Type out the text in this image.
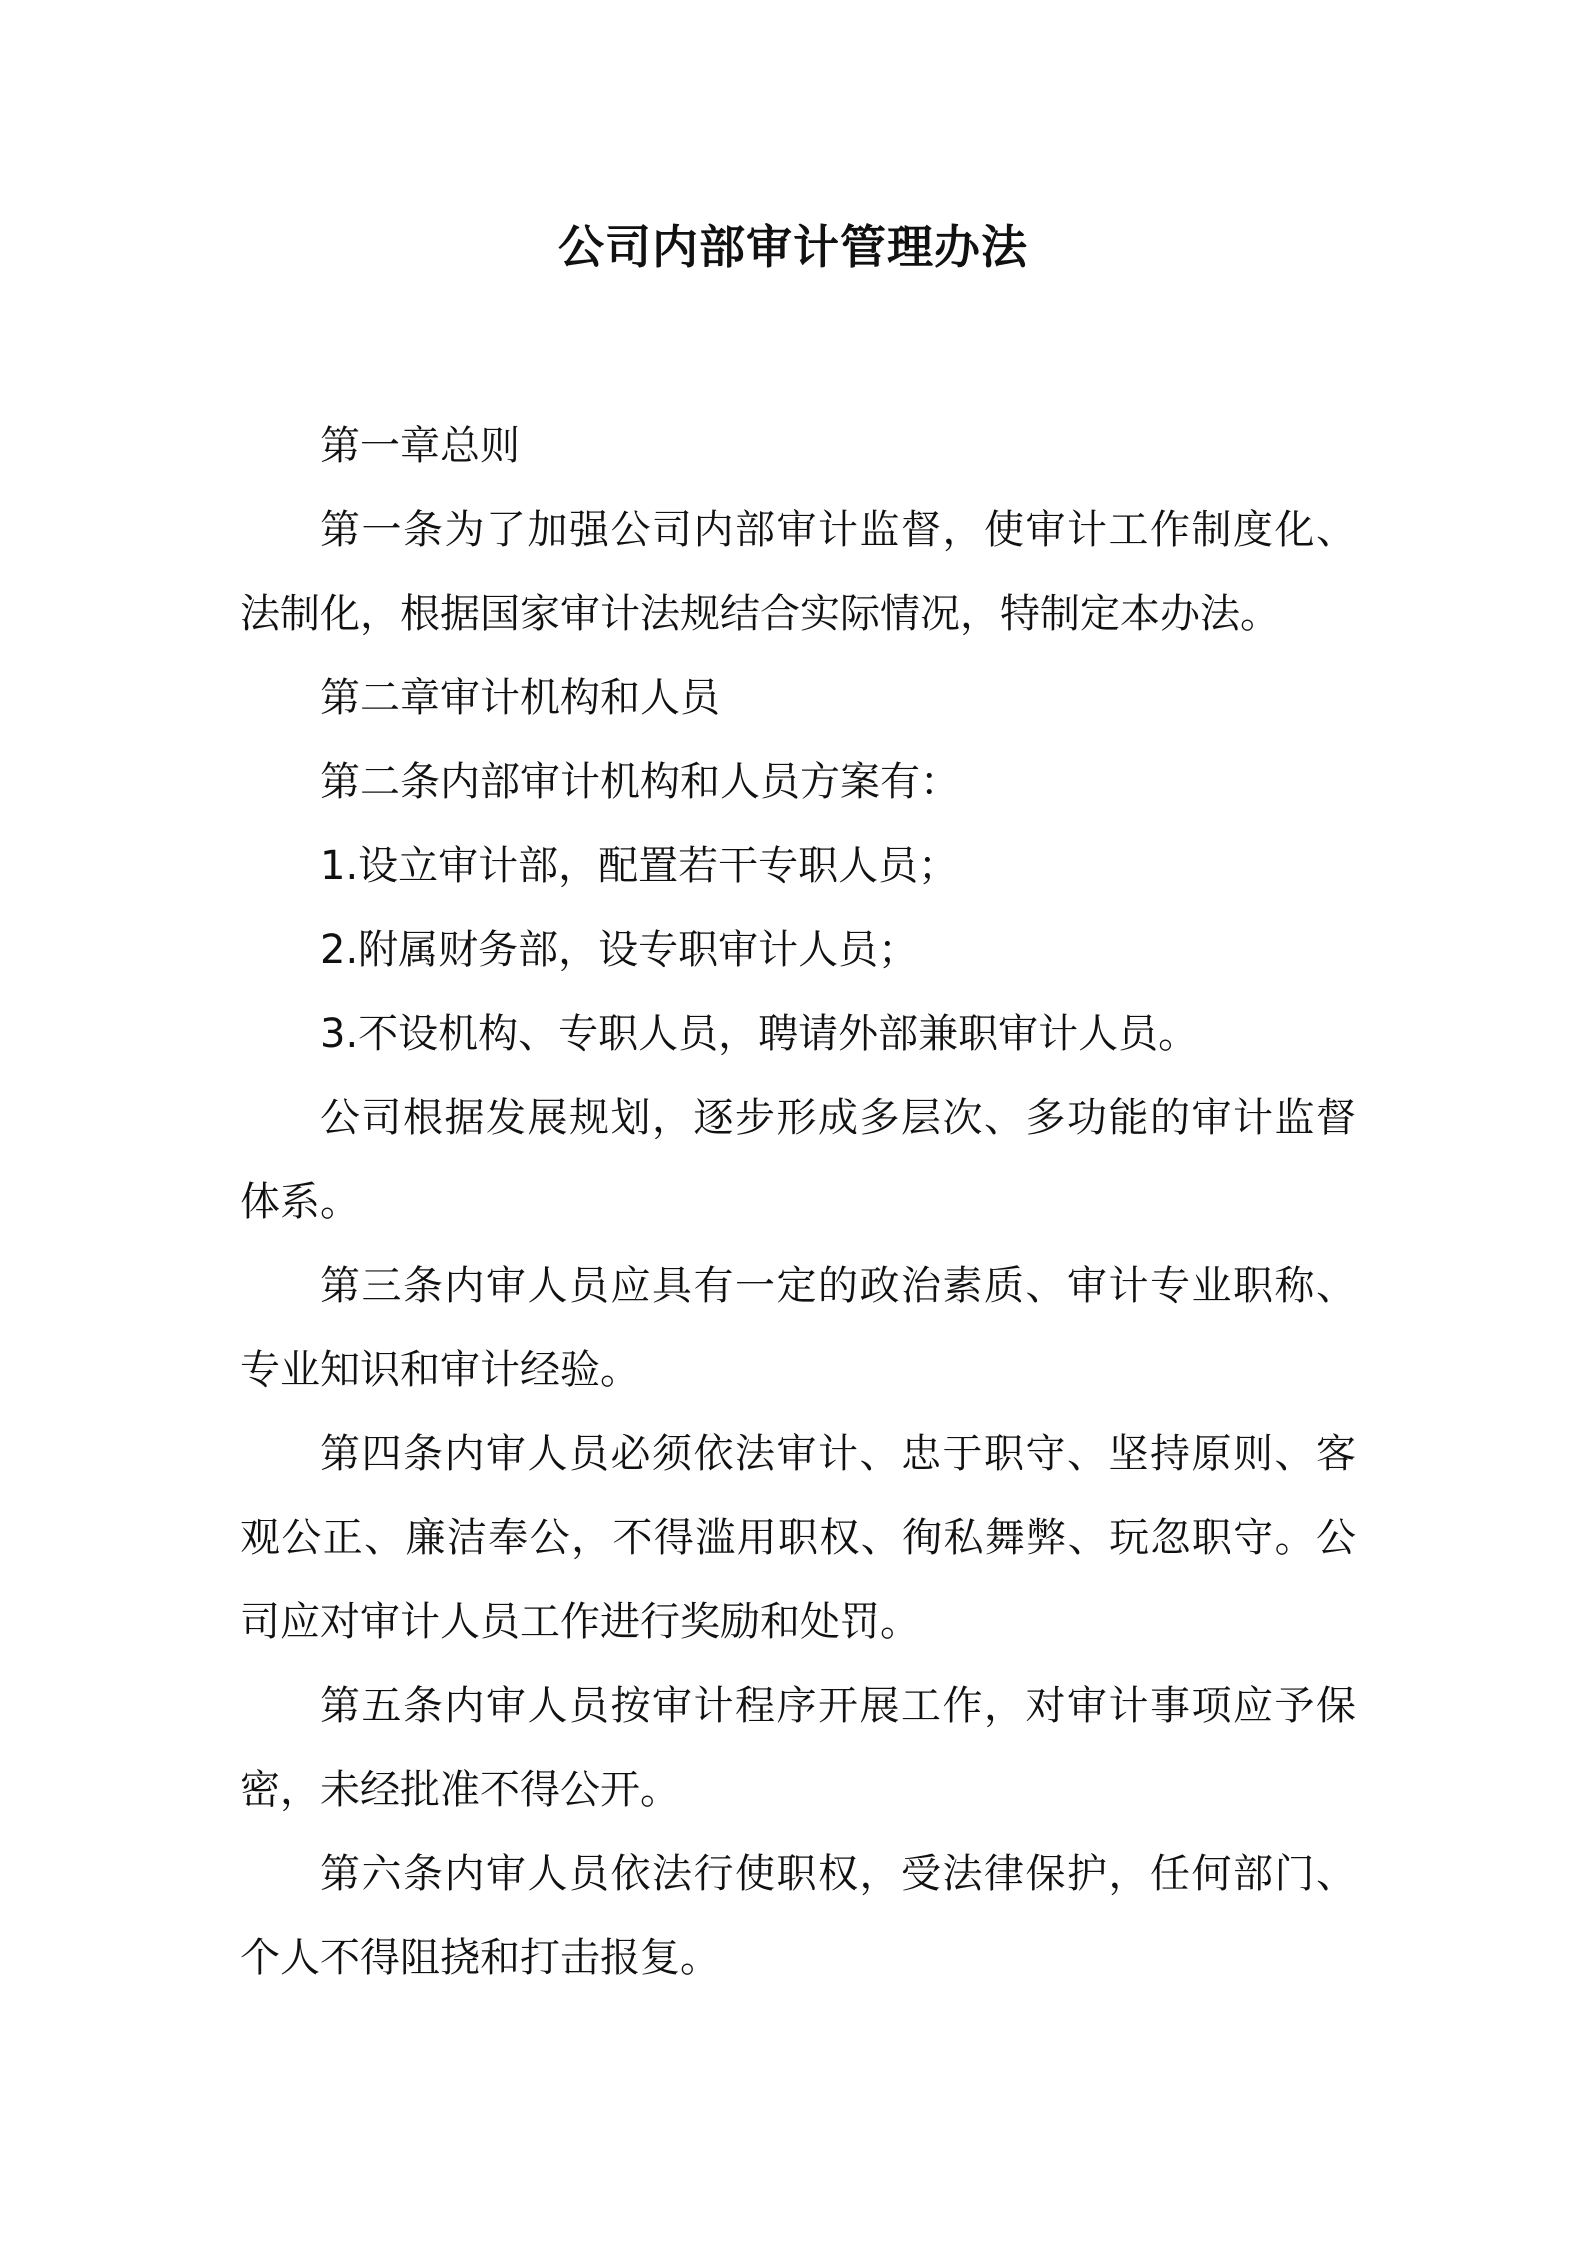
公司内部审计管理办法

第一章总则

第一条为了加强公司内部审计监督，使审计工作制度化、法制化，根据国家审计法规结合实际情况，特制定本办法。

第二章审计机构和人员

第二条内部审计机构和人员方案有：

1.设立审计部，配置若干专职人员；

2.附属财务部，设专职审计人员；

3.不设机构、专职人员，聘请外部兼职审计人员。

公司根据发展规划，逐步形成多层次、多功能的审计监督体系。

第三条内审人员应具有一定的政治素质、审计专业职称、专业知识和审计经验。

第四条内审人员必须依法审计、忠于职守、坚持原则、客观公正、廉洁奉公，不得滥用职权、徇私舞弊、玩忽职守。公司应对审计人员工作进行奖励和处罚。

第五条内审人员按审计程序开展工作，对审计事项应予保密，未经批准不得公开。

第六条内审人员依法行使职权，受法律保护，任何部门、个人不得阻挠和打击报复。
